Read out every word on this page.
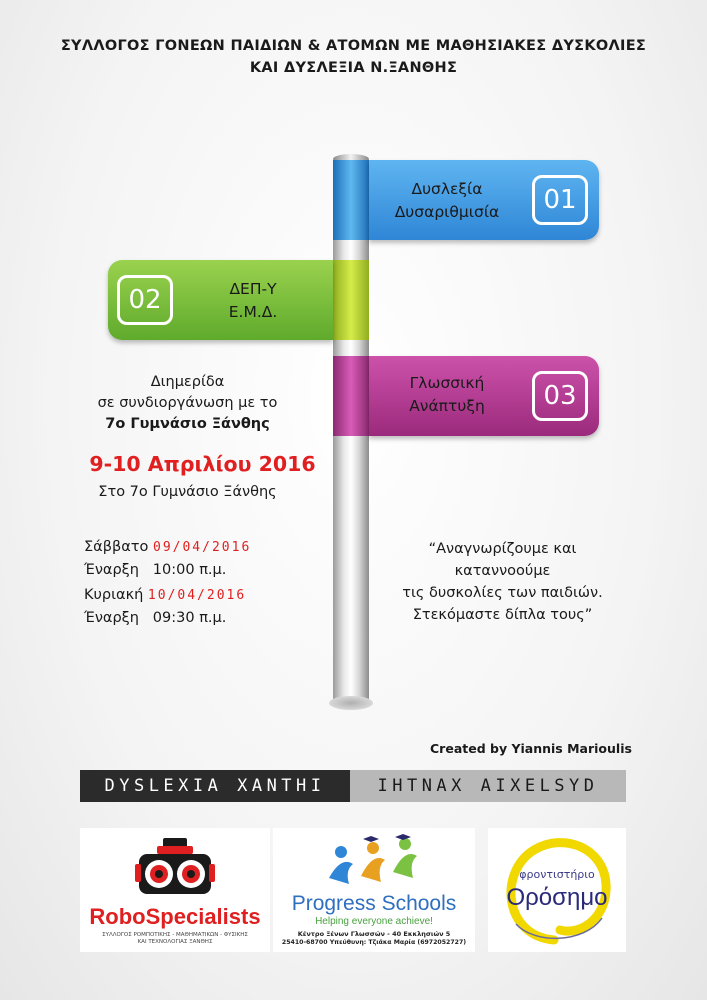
ΣΥΛΛΟΓΟΣ ΓΟΝΕΩΝ ΠΑΙΔΙΩΝ & ΑΤΟΜΩΝ ΜΕ ΜΑΘΗΣΙΑΚΕΣ ΔΥΣΚΟΛΙΕΣ
ΚΑΙ ΔΥΣΛΕΞΙΑ Ν.ΞΑΝΘΗΣ
Δυσλεξία
Δυσαριθμισία	01
02	ΔΕΠ-Υ
Ε.Μ.Δ.
Γλωσσική
Ανάπτυξη	03
Διημερίδα
σε συνδιοργάνωση με το
7ο Γυμνάσιο Ξάνθης
9-10 Απριλίου 2016
Στο 7ο Γυμνάσιο Ξάνθης
Σάββατο 09/04/2016
Έναρξη 10:00 π.μ.
Κυριακή 10/04/2016
Έναρξη 09:30 π.μ.
“Αναγνωρίζουμε και καταννοούμε
τις δυσκολίες των παιδιών.
Στεκόμαστε δίπλα τους”
Created by Yiannis Marioulis
DYSLEXIA XANTHI	IHTNAX AIXELSYD
RoboSpecialists
ΣΥΛΛΟΓΟΣ ΡΟΜΠΟΤΙΚΗΣ - ΜΑΘΗΜΑΤΙΚΩΝ - ΦΥΣΙΚΗΣ
ΚΑΙ ΤΕΧΝΟΛΟΓΙΑΣ ΞΑΝΘΗΣ
Progress Schools
Helping everyone achieve!
Κέντρο Ξένων Γλωσσών - 40 Εκκλησιών 5
25410-68700 Υπεύθυνη: Τζιάκα Μαρία (6972052727)
φροντιστήριο
Ορόσημο
